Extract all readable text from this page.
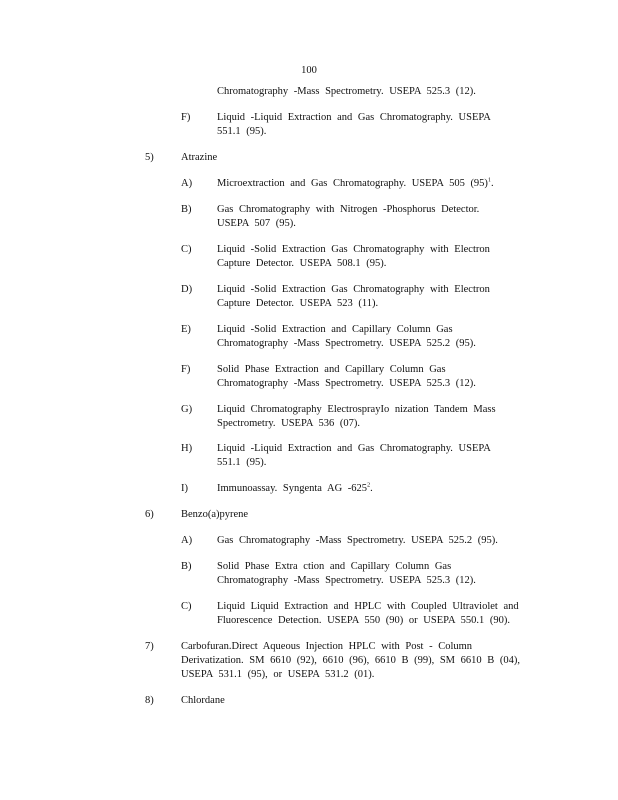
100
Chromatography -Mass Spectrometry. USEPA 525.3 (12).
F)	Liquid -Liquid Extraction and Gas Chromatography. USEPA
551.1 (95).
5)	Atrazine
A) Microextraction and Gas Chromatography. USEPA 505 $(95)^1$.
B) Gas Chromatography with Nitrogen -Phosphorus Detector.
USEPA 507 (95).
C) Liquid -Solid Extraction Gas Chromatography with Electron
Capture Detector. USEPA 508.1 (95).
D) Liquid -Solid Extraction Gas Chromatography with Electron
Capture Detector. USEPA 523 (11).
E) Liquid -Solid Extraction and Capillary Column Gas
Chromatography -Mass Spectrometry. USEPA 525.2 (95).
F)	Solid Phase Extraction and Capillary Column Gas
Chromatography -Mass Spectrometry. USEPA 525.3 (12).
G) Liquid Chromatography ElectrosprayIo nization Tandem Mass
Spectrometry. USEPA 536 (07).
H) Liquid -Liquid Extraction and Gas Chromatography. USEPA
551.1 (95).
I)	Immunoassay. Syngenta AG $-625^2$.
6)	Benzo(a)pyrene
A) Gas Chromatography -Mass Spectrometry. USEPA 525.2 (95).
B) Solid Phase Extra ction and Capillary Column Gas
Chromatography -Mass Spectrometry. USEPA 525.3 (12).
C) Liquid Liquid Extraction and HPLC with Coupled Ultraviolet and
Fluorescence Detection. USEPA 550 (90) or USEPA 550.1 (90).
7)	Carbofuran.Direct Aqueous Injection HPLC with Post - Column
Derivatization. SM 6610 (92), 6610 (96), 6610 B (99), SM 6610 B (04),
USEPA 531.1 (95), or USEPA 531.2 (01).
8)	Chlordane
